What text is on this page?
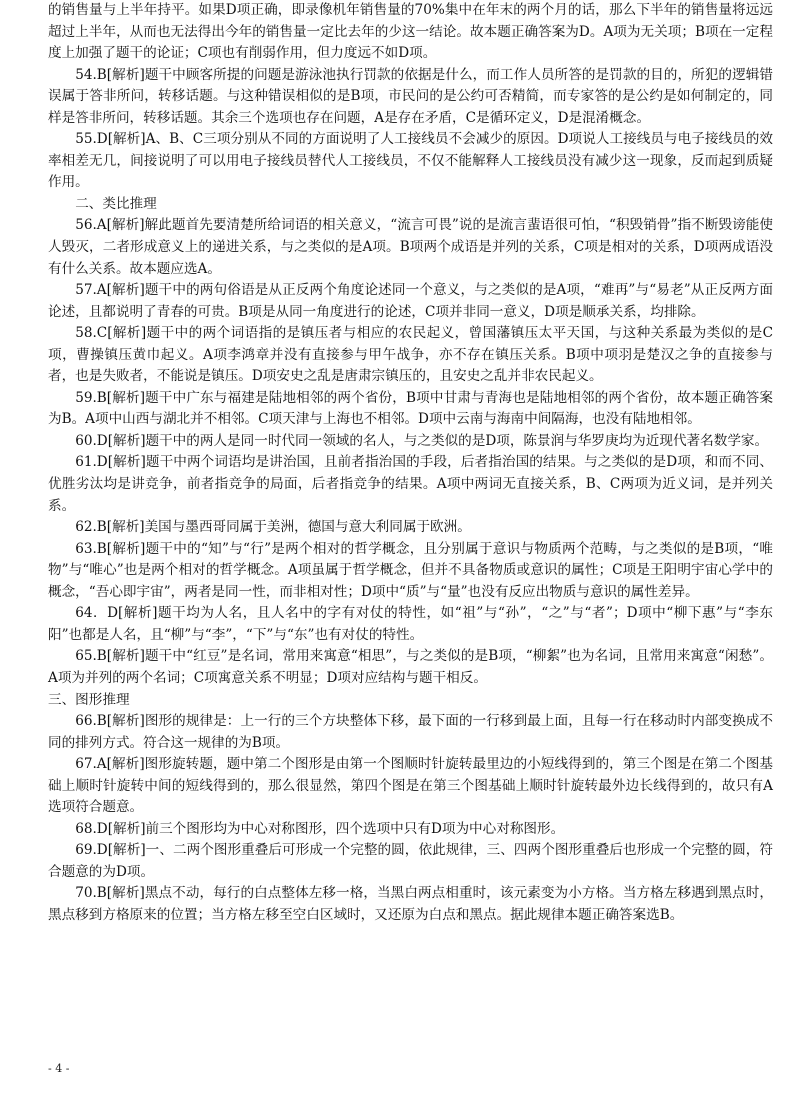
的销售量与上半年持平。如果D项正确，即录像机年销售量的70%集中在年末的两个月的话，那么下半年的销售量将远远超过上半年，从而也无法得出今年的销售量一定比去年的少这一结论。故本题正确答案为D。A项为无关项；B项在一定程度上加强了题干的论证；C项也有削弱作用，但力度远不如D项。

54.B[解析]题干中顾客所提的问题是游泳池执行罚款的依据是什么，而工作人员所答的是罚款的目的，所犯的逻辑错误属于答非所问，转移话题。与这种错误相似的是B项，市民问的是公约可否精简，而专家答的是公约是如何制定的，同样是答非所问，转移话题。其余三个选项也存在问题，A是存在矛盾，C是循环定义，D是混淆概念。

55.D[解析]A、B、C三项分别从不同的方面说明了人工接线员不会减少的原因。D项说人工接线员与电子接线员的效率相差无几，间接说明了可以用电子接线员替代人工接线员，不仅不能解释人工接线员没有减少这一现象，反而起到质疑作用。

二、类比推理

56.A[解析]解此题首先要清楚所给词语的相关意义，“流言可畏”说的是流言蜚语很可怕，“积毁销骨”指不断毁谤能使人毁灭，二者形成意义上的递进关系，与之类似的是A项。B项两个成语是并列的关系，C项是相对的关系，D项两成语没有什么关系。故本题应选A。

57.A[解析]题干中的两句俗语是从正反两个角度论述同一个意义，与之类似的是A项，“难再”与“易老”从正反两方面论述，且都说明了青春的可贵。B项是从同一角度进行的论述，C项并非同一意义，D项是顺承关系，均排除。

58.C[解析]题干中的两个词语指的是镇压者与相应的农民起义，曾国藩镇压太平天国，与这种关系最为类似的是C项，曹操镇压黄巾起义。A项李鸿章并没有直接参与甲午战争，亦不存在镇压关系。B项中项羽是楚汉之争的直接参与者，也是失败者，不能说是镇压。D项安史之乱是唐肃宗镇压的，且安史之乱并非农民起义。

59.B[解析]题干中广东与福建是陆地相邻的两个省份，B项中甘肃与青海也是陆地相邻的两个省份，故本题正确答案为B。A项中山西与湖北并不相邻。C项天津与上海也不相邻。D项中云南与海南中间隔海，也没有陆地相邻。

60.D[解析]题干中的两人是同一时代同一领域的名人，与之类似的是D项，陈景润与华罗庚均为近现代著名数学家。

61.D[解析]题干中两个词语均是讲治国，且前者指治国的手段，后者指治国的结果。与之类似的是D项，和而不同、优胜劣汰均是讲竞争，前者指竞争的局面，后者指竞争的结果。A项中两词无直接关系，B、C两项为近义词，是并列关系。

62.B[解析]美国与墨西哥同属于美洲，德国与意大利同属于欧洲。

63.B[解析]题干中的“知”与“行”是两个相对的哲学概念，且分别属于意识与物质两个范畴，与之类似的是B项，“唯物”与“唯心”也是两个相对的哲学概念。A项虽属于哲学概念，但并不具备物质或意识的属性；C项是王阳明宇宙心学中的概念，“吾心即宇宙”，两者是同一性，而非相对性；D项中“质”与“量”也没有反应出物质与意识的属性差异。

64．D[解析]题干均为人名，且人名中的字有对仗的特性，如“祖”与“孙”，“之”与“者”；D项中“柳下惠”与“李东阳”也都是人名，且“柳”与“李”，“下”与“东”也有对仗的特性。

65.B[解析]题干中“红豆”是名词，常用来寓意“相思”，与之类似的是B项，“柳絮”也为名词，且常用来寓意“闲愁”。A项为并列的两个名词；C项寓意关系不明显；D项对应结构与题干相反。

三、图形推理

66.B[解析]图形的规律是：上一行的三个方块整体下移，最下面的一行移到最上面，且每一行在移动时内部变换成不同的排列方式。符合这一规律的为B项。

67.A[解析]图形旋转题，题中第二个图形是由第一个图顺时针旋转最里边的小短线得到的，第三个图是在第二个图基础上顺时针旋转中间的短线得到的，那么很显然，第四个图是在第三个图基础上顺时针旋转最外边长线得到的，故只有A选项符合题意。

68.D[解析]前三个图形均为中心对称图形，四个选项中只有D项为中心对称图形。

69.D[解析]一、二两个图形重叠后可形成一个完整的圆，依此规律，三、四两个图形重叠后也形成一个完整的圆，符合题意的为D项。

70.B[解析]黑点不动，每行的白点整体左移一格，当黑白两点相重时，该元素变为小方格。当方格左移遇到黑点时，黑点移到方格原来的位置；当方格左移至空白区域时，又还原为白点和黑点。据此规律本题正确答案选B。

- 4 -
